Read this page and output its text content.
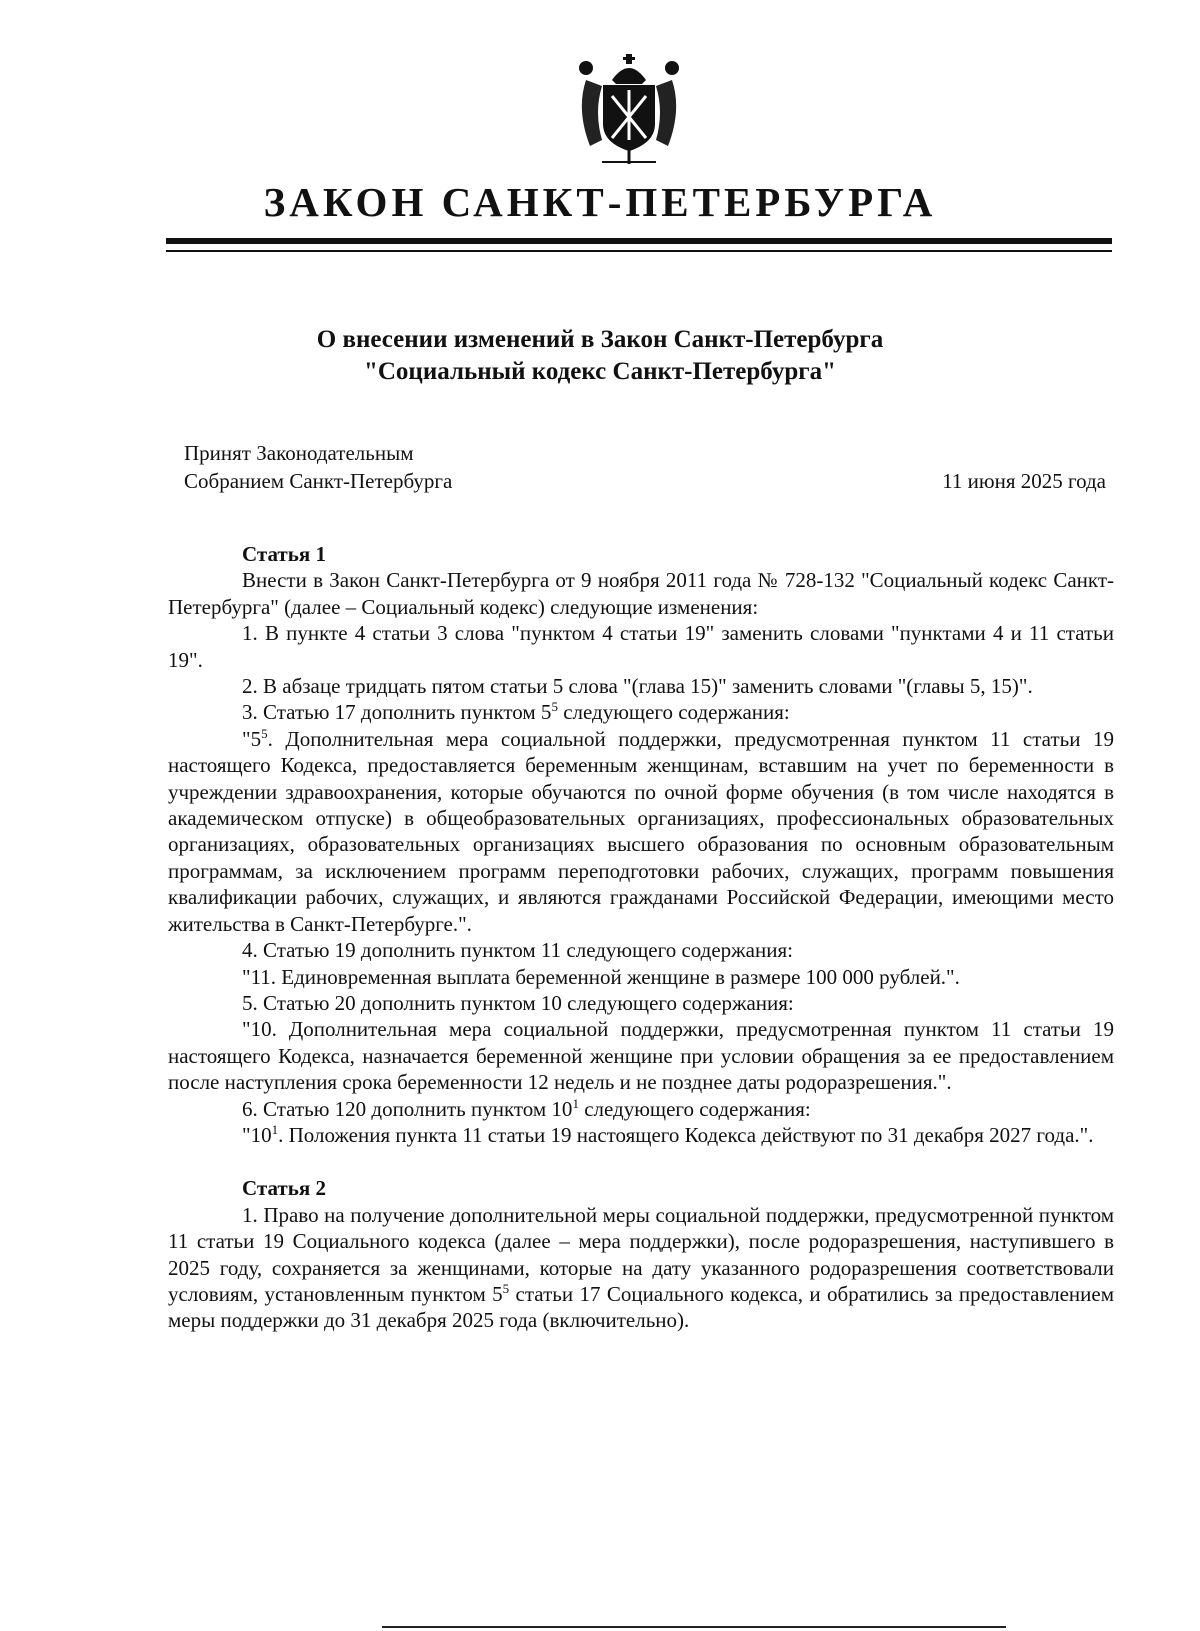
ЗАКОН САНКТ-ПЕТЕРБУРГА
О внесении изменений в Закон Санкт-Петербурга
"Социальный кодекс Санкт-Петербурга"
Принят Законодательным
Собранием Санкт-Петербурга	11 июня 2025 года

Статья 1

Внести в Закон Санкт-Петербурга от 9 ноября 2011 года № 728-132 "Социальный кодекс Санкт-Петербурга" (далее – Социальный кодекс) следующие изменения:

1. В пункте 4 статьи 3 слова "пунктом 4 статьи 19" заменить словами "пунктами 4 и 11 статьи 19".

2. В абзаце тридцать пятом статьи 5 слова "(глава 15)" заменить словами "(главы 5, 15)".

3. Статью 17 дополнить пунктом $5^5$ следующего содержания:

"$5^5$. Дополнительная мера социальной поддержки, предусмотренная пунктом 11 статьи 19 настоящего Кодекса, предоставляется беременным женщинам, вставшим на учет по беременности в учреждении здравоохранения, которые обучаются по очной форме обучения (в том числе находятся в академическом отпуске) в общеобразовательных организациях, профессиональных образовательных организациях, образовательных организациях высшего образования по основным образовательным программам, за исключением программ переподготовки рабочих, служащих, программ повышения квалификации рабочих, служащих, и являются гражданами Российской Федерации, имеющими место жительства в Санкт-Петербурге.".

4. Статью 19 дополнить пунктом 11 следующего содержания:

"11. Единовременная выплата беременной женщине в размере 100 000 рублей.".

5. Статью 20 дополнить пунктом 10 следующего содержания:

"10. Дополнительная мера социальной поддержки, предусмотренная пунктом 11 статьи 19 настоящего Кодекса, назначается беременной женщине при условии обращения за ее предоставлением после наступления срока беременности 12 недель и не позднее даты родоразрешения.".

6. Статью 120 дополнить пунктом $10^1$ следующего содержания:

"$10^1$. Положения пункта 11 статьи 19 настоящего Кодекса действуют по 31 декабря 2027 года.".

Статья 2

1. Право на получение дополнительной меры социальной поддержки, предусмотренной пунктом 11 статьи 19 Социального кодекса (далее – мера поддержки), после родоразрешения, наступившего в 2025 году, сохраняется за женщинами, которые на дату указанного родоразрешения соответствовали условиям, установленным пунктом $5^5$ статьи 17 Социального кодекса, и обратились за предоставлением меры поддержки до 31 декабря 2025 года (включительно).
